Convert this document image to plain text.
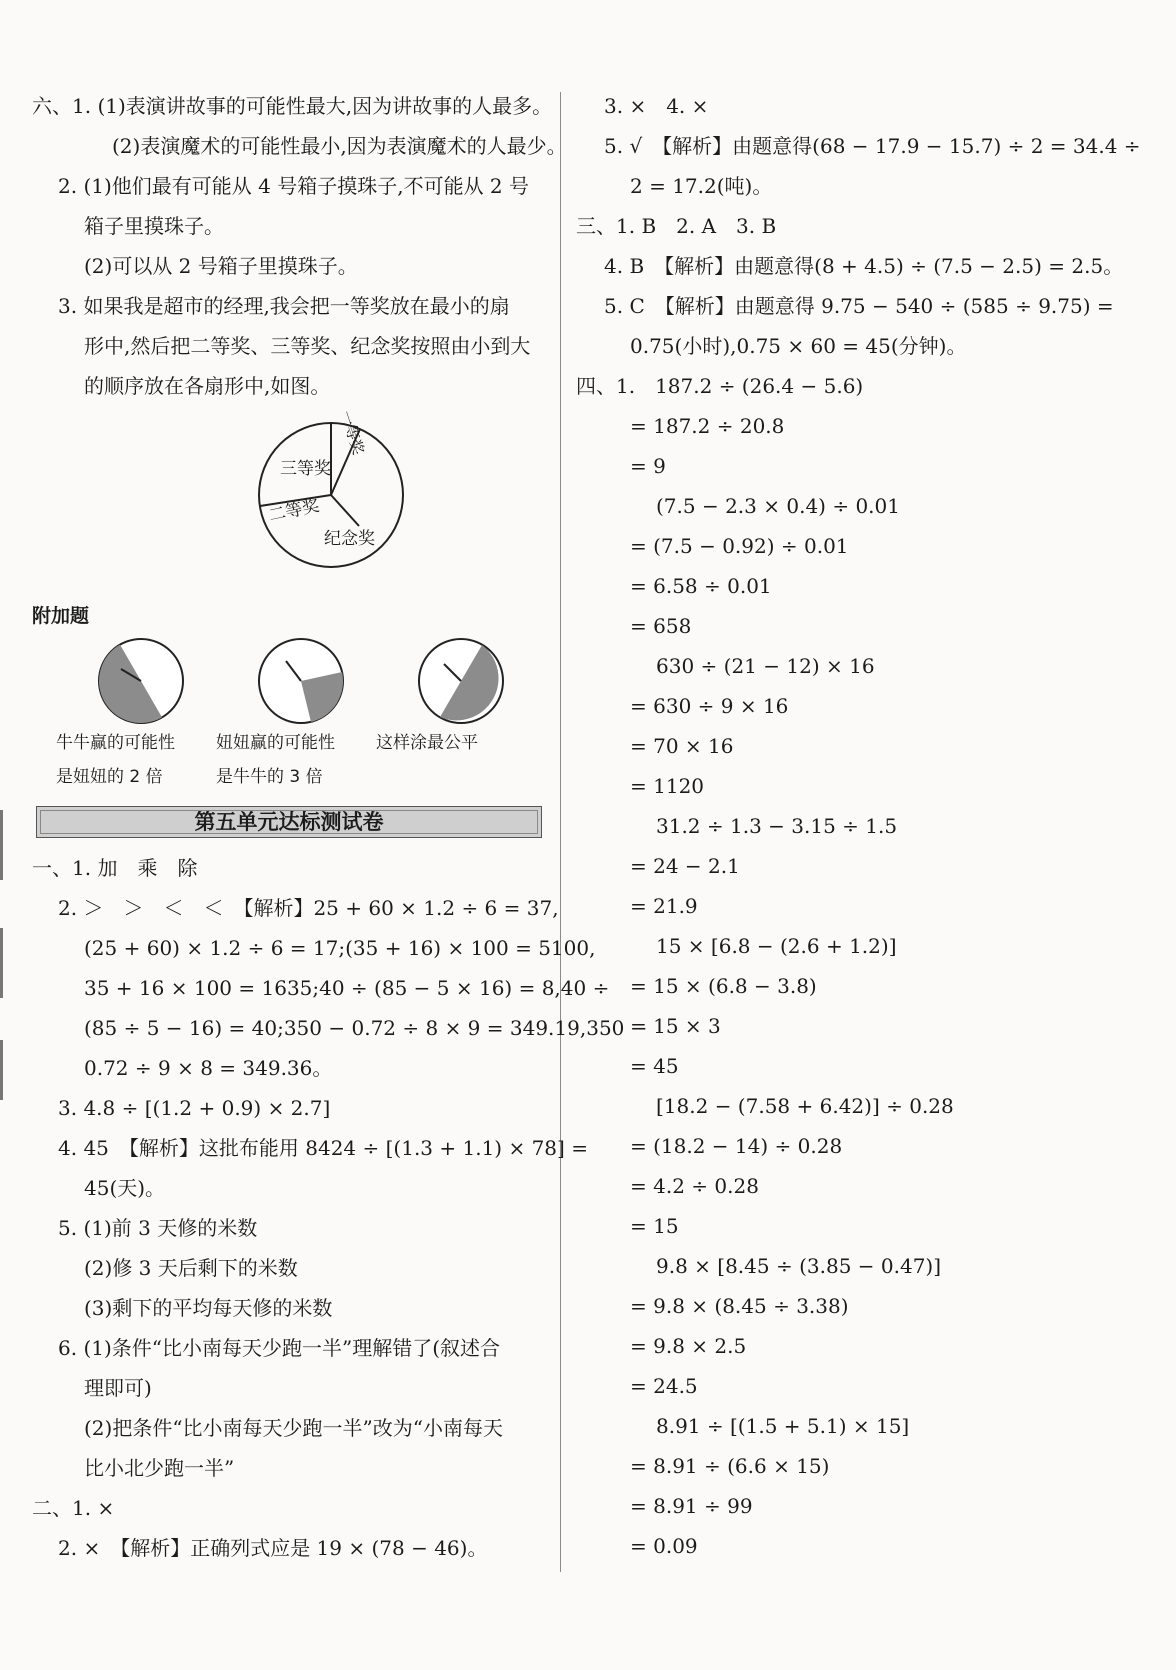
六、1. (1)表演讲故事的可能性最大,因为讲故事的人最多。
(2)表演魔术的可能性最小,因为表演魔术的人最少。
2. (1)他们最有可能从 4 号箱子摸珠子,不可能从 2 号
箱子里摸珠子。
(2)可以从 2 号箱子里摸珠子。
3. 如果我是超市的经理,我会把一等奖放在最小的扇
形中,然后把二等奖、三等奖、纪念奖按照由小到大
的顺序放在各扇形中,如图。
一等奖
三等奖
二等奖
纪念奖
附加题
牛牛赢的可能性
是妞妞的 2 倍
妞妞赢的可能性
是牛牛的 3 倍
这样涂最公平
第五单元达标测试卷
一、1. 加　乘　除
2. ＞　＞　＜　＜　【解析】25 + 60 × 1.2 ÷ 6 = 37,
(25 + 60) × 1.2 ÷ 6 = 17;(35 + 16) × 100 = 5100,
35 + 16 × 100 = 1635;40 ÷ (85 − 5 × 16) = 8,40 ÷
(85 ÷ 5 − 16) = 40;350 − 0.72 ÷ 8 × 9 = 349.19,350 −
0.72 ÷ 9 × 8 = 349.36。
3. 4.8 ÷ [(1.2 + 0.9) × 2.7]
4. 45　【解析】这批布能用 8424 ÷ [(1.3 + 1.1) × 78] =
45(天)。
5. (1)前 3 天修的米数
(2)修 3 天后剩下的米数
(3)剩下的平均每天修的米数
6. (1)条件“比小南每天少跑一半”理解错了(叙述合
理即可)
(2)把条件“比小南每天少跑一半”改为“小南每天
比小北少跑一半”
二、1. ×
2. ×　【解析】正确列式应是 19 × (78 − 46)。
3. ×　4. ×
5. √　【解析】由题意得(68 − 17.9 − 15.7) ÷ 2 = 34.4 ÷
2 = 17.2(吨)。
三、1. B　2. A　3. B
4. B　【解析】由题意得(8 + 4.5) ÷ (7.5 − 2.5) = 2.5。
5. C　【解析】由题意得 9.75 − 540 ÷ (585 ÷ 9.75) =
0.75(小时),0.75 × 60 = 45(分钟)。
四、1.　187.2 ÷ (26.4 − 5.6)
= 187.2 ÷ 20.8
= 9
(7.5 − 2.3 × 0.4) ÷ 0.01
= (7.5 − 0.92) ÷ 0.01
= 6.58 ÷ 0.01
= 658
630 ÷ (21 − 12) × 16
= 630 ÷ 9 × 16
= 70 × 16
= 1120
31.2 ÷ 1.3 − 3.15 ÷ 1.5
= 24 − 2.1
= 21.9
15 × [6.8 − (2.6 + 1.2)]
= 15 × (6.8 − 3.8)
= 15 × 3
= 45
[18.2 − (7.58 + 6.42)] ÷ 0.28
= (18.2 − 14) ÷ 0.28
= 4.2 ÷ 0.28
= 15
9.8 × [8.45 ÷ (3.85 − 0.47)]
= 9.8 × (8.45 ÷ 3.38)
= 9.8 × 2.5
= 24.5
8.91 ÷ [(1.5 + 5.1) × 15]
= 8.91 ÷ (6.6 × 15)
= 8.91 ÷ 99
= 0.09
